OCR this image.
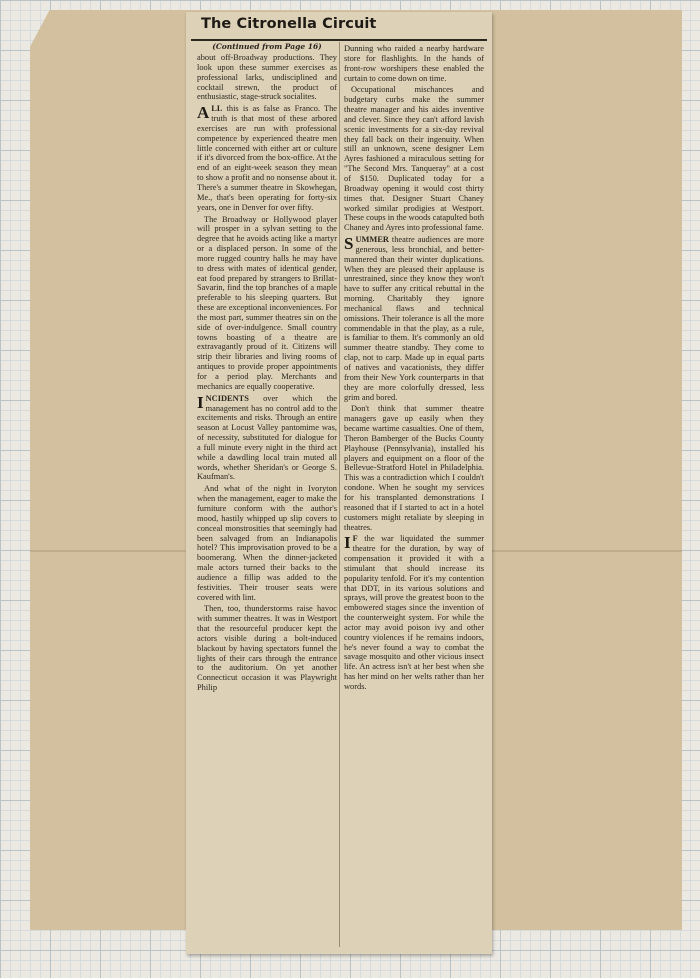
The Citronella Circuit
(Continued from Page 16)

about off-Broadway productions. They look upon these summer exercises as professional larks, undisciplined and cocktail strewn, the product of enthusiastic, stage-struck socialites.

ALL this is as false as Franco. The truth is that most of these arbored exercises are run with professional competence by experienced theatre men little concerned with either art or culture if it's divorced from the box-office. At the end of an eight-week season they mean to show a profit and no nonsense about it. There's a summer theatre in Skowhegan, Me., that's been operating for forty-six years, one in Denver for over fifty.

The Broadway or Hollywood player will prosper in a sylvan setting to the degree that he avoids acting like a martyr or a displaced person. In some of the more rugged country halls he may have to dress with mates of identical gender, eat food prepared by strangers to Brillat-Savarin, find the top branches of a maple preferable to his sleeping quarters. But these are exceptional inconveniences. For the most part, summer theatres sin on the side of over-indulgence. Small country towns boasting of a theatre are extravagantly proud of it. Citizens will strip their libraries and living rooms of antiques to provide proper appointments for a period play. Merchants and mechanics are equally cooperative.

INCIDENTS over which the management has no control add to the excitements and risks. Through an entire season at Locust Valley pantomime was, of necessity, substituted for dialogue for a full minute every night in the third act while a dawdling local train muted all words, whether Sheridan's or George S. Kaufman's.

And what of the night in Ivoryton when the management, eager to make the furniture conform with the author's mood, hastily whipped up slip covers to conceal monstrosities that seemingly had been salvaged from an Indianapolis hotel? This improvisation proved to be a boomerang. When the dinner-jacketed male actors turned their backs to the audience a fillip was added to the festivities. Their trouser seats were covered with lint.

Then, too, thunderstorms raise havoc with summer theatres. It was in Westport that the resourceful producer kept the actors visible during a bolt-induced blackout by having spectators funnel the lights of their cars through the entrance to the auditorium. On yet another Connecticut occasion it was Playwright Philip

Dunning who raided a nearby hardware store for flashlights. In the hands of front-row worshipers these enabled the curtain to come down on time.

Occupational mischances and budgetary curbs make the summer theatre manager and his aides inventive and clever. Since they can't afford lavish scenic investments for a six-day revival they fall back on their ingenuity. When still an unknown, scene designer Lem Ayres fashioned a miraculous setting for "The Second Mrs. Tanqueray" at a cost of $150. Duplicated today for a Broadway opening it would cost thirty times that. Designer Stuart Chaney worked similar prodigies at Westport. These coups in the woods catapulted both Chaney and Ayres into professional fame.

SUMMER theatre audiences are more generous, less bronchial, and better-mannered than their winter duplications. When they are pleased their applause is unrestrained, since they know they won't have to suffer any critical rebuttal in the morning. Charitably they ignore mechanical flaws and technical omissions. Their tolerance is all the more commendable in that the play, as a rule, is familiar to them. It's commonly an old summer theatre standby. They come to clap, not to carp. Made up in equal parts of natives and vacationists, they differ from their New York counterparts in that they are more colorfully dressed, less grim and bored.

Don't think that summer theatre managers gave up easily when they became wartime casualties. One of them, Theron Bamberger of the Bucks County Playhouse (Pennsylvania), installed his players and equipment on a floor of the Bellevue-Stratford Hotel in Philadelphia. This was a contradiction which I couldn't condone. When he sought my services for his transplanted demonstrations I reasoned that if I started to act in a hotel customers might retaliate by sleeping in theatres.

I F the war liquidated the summer theatre for the duration, by way of compensation it provided it with a stimulant that should increase its popularity tenfold. For it's my contention that DDT, in its various solutions and sprays, will prove the greatest boon to the embowered stages since the invention of the counterweight system. For while the actor may avoid poison ivy and other country violences if he remains indoors, he's never found a way to combat the savage mosquito and other vicious insect life. An actress isn't at her best when she has her mind on her welts rather than her words.
